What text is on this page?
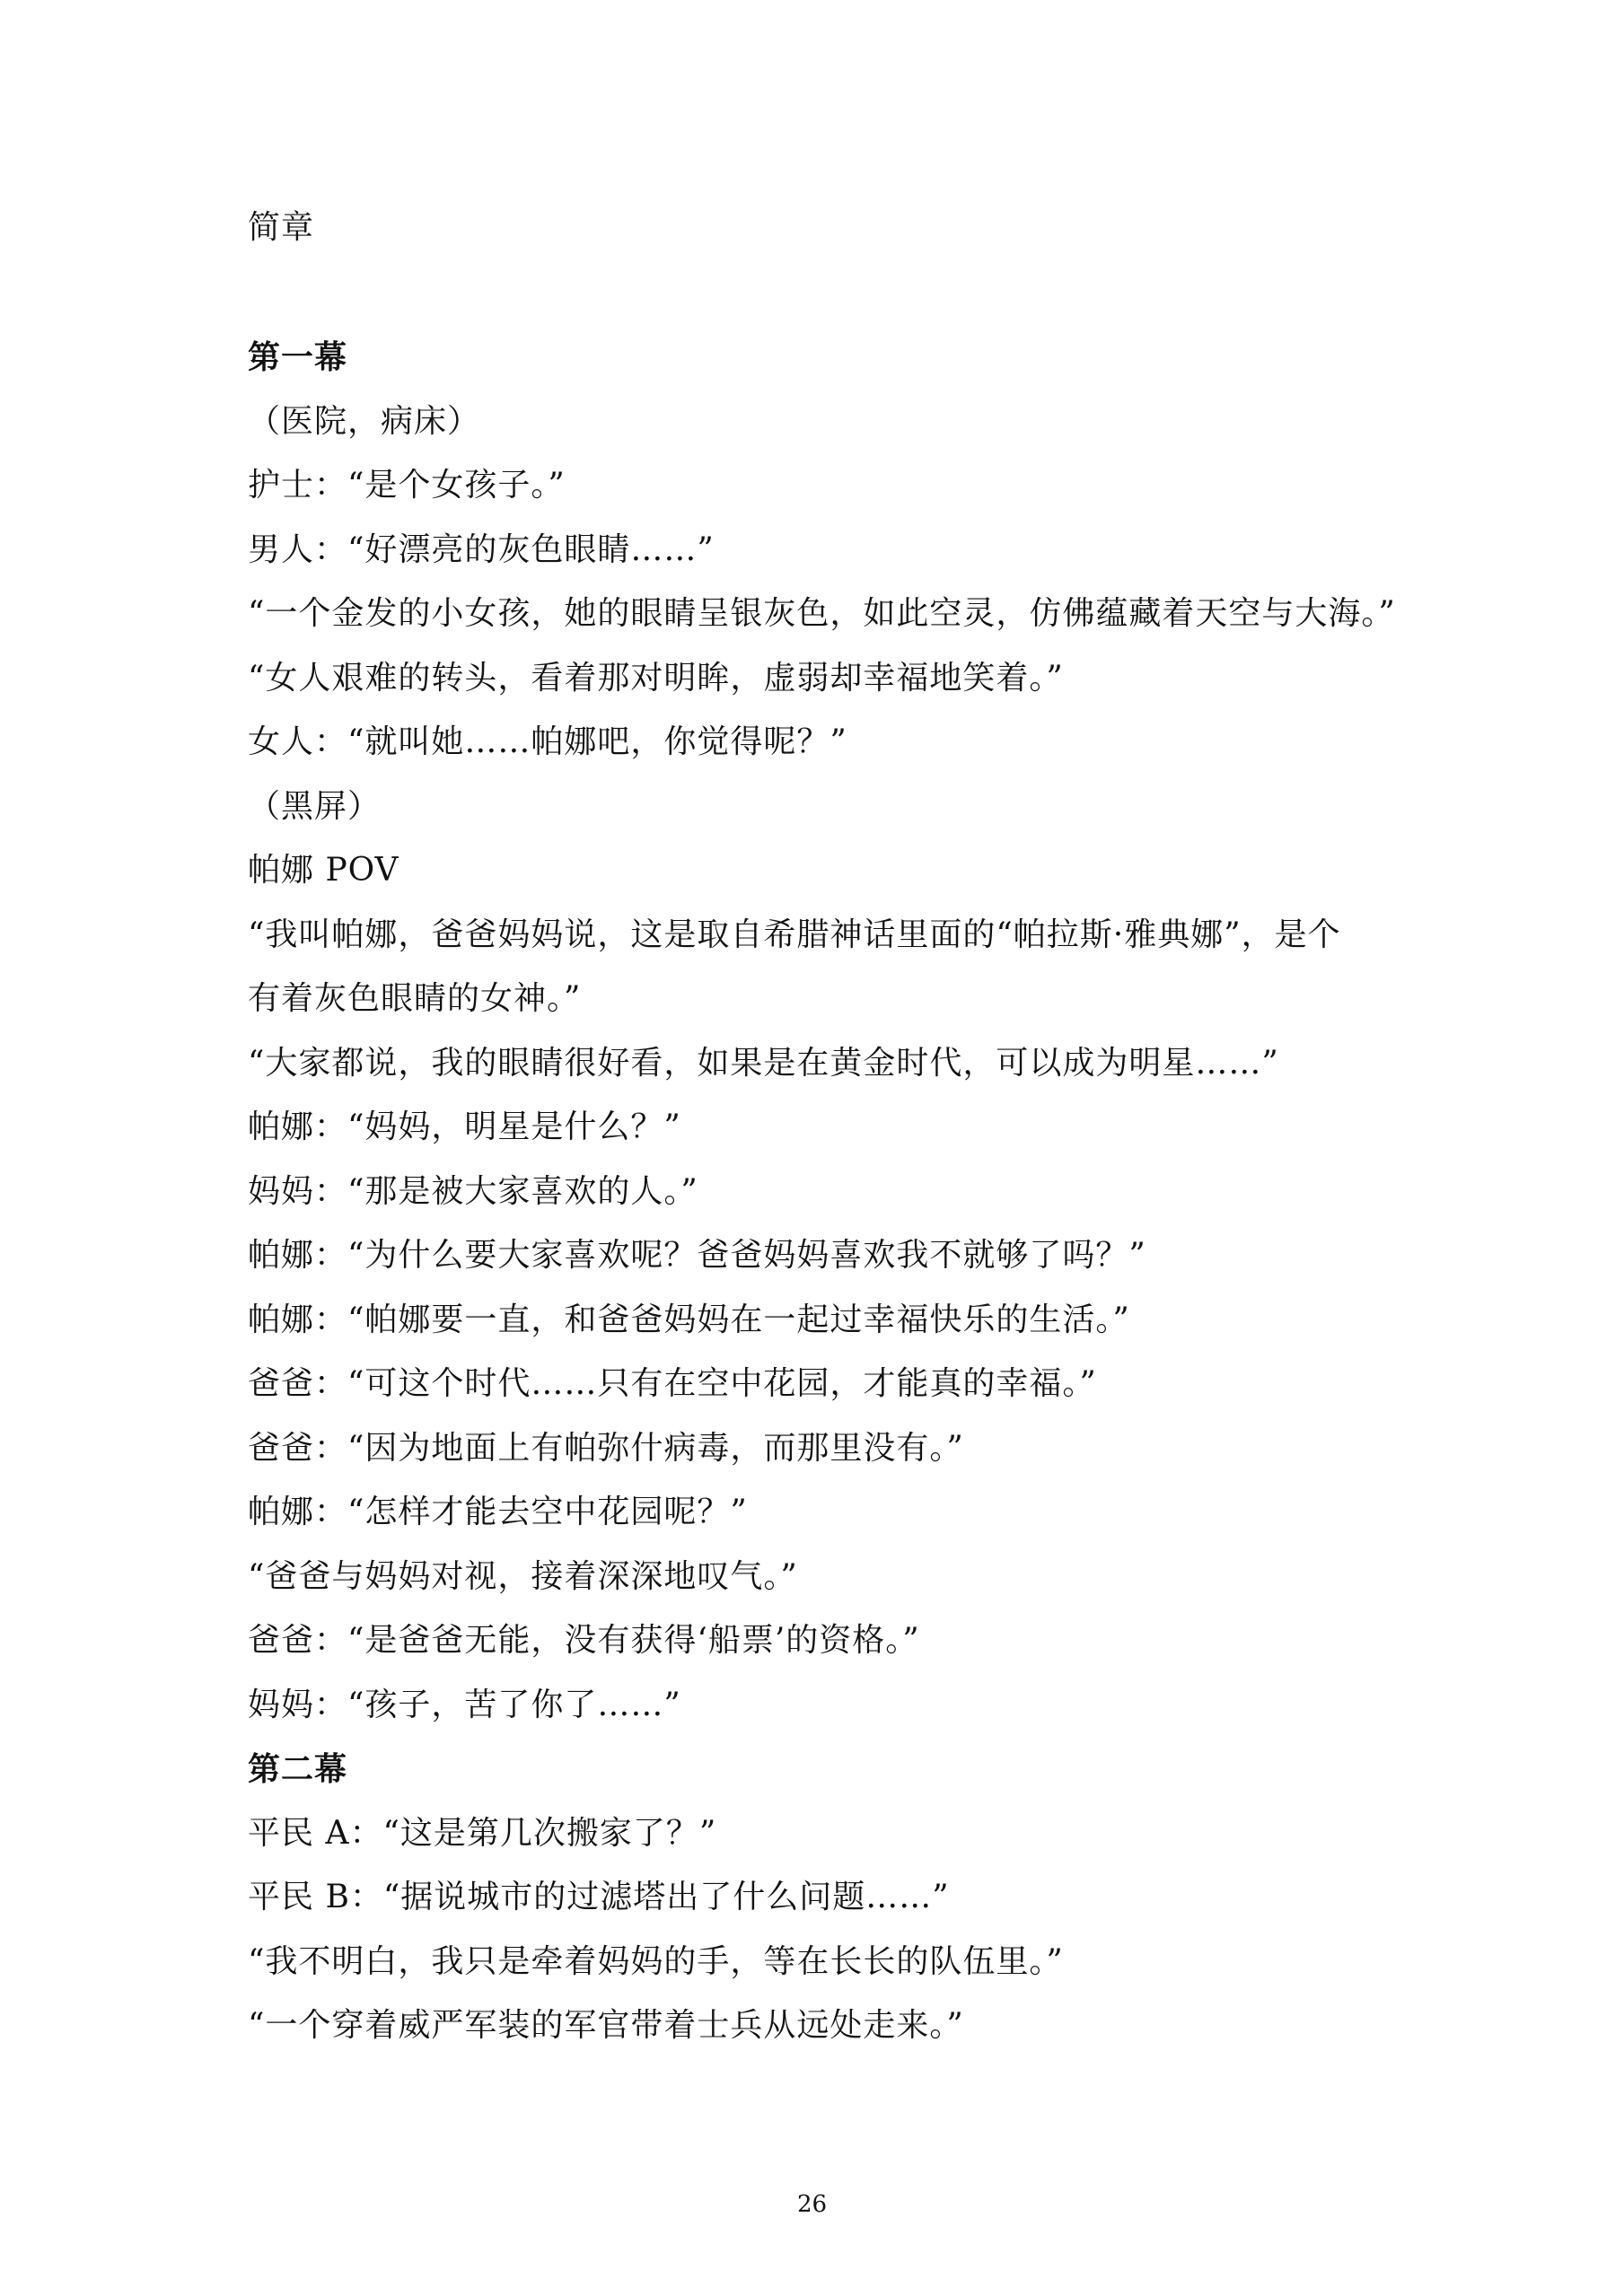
简章

第一幕

（医院，病床）

护士：“是个女孩子。”

男人：“好漂亮的灰色眼睛……”

“一个金发的小女孩，她的眼睛呈银灰色，如此空灵，仿佛蕴藏着天空与大海。”

“女人艰难的转头，看着那对明眸，虚弱却幸福地笑着。”

女人：“就叫她……帕娜吧，你觉得呢？”

（黑屏）

帕娜 POV

“我叫帕娜，爸爸妈妈说，这是取自希腊神话里面的“帕拉斯·雅典娜”，是个

有着灰色眼睛的女神。”

“大家都说，我的眼睛很好看，如果是在黄金时代，可以成为明星……”

帕娜：“妈妈，明星是什么？”

妈妈：“那是被大家喜欢的人。”

帕娜：“为什么要大家喜欢呢？爸爸妈妈喜欢我不就够了吗？”

帕娜：“帕娜要一直，和爸爸妈妈在一起过幸福快乐的生活。”

爸爸：“可这个时代……只有在空中花园，才能真的幸福。”

爸爸：“因为地面上有帕弥什病毒，而那里没有。”

帕娜：“怎样才能去空中花园呢？”

“爸爸与妈妈对视，接着深深地叹气。”

爸爸：“是爸爸无能，没有获得‘船票’的资格。”

妈妈：“孩子，苦了你了……”

第二幕

平民 A：“这是第几次搬家了？”

平民 B：“据说城市的过滤塔出了什么问题……”

“我不明白，我只是牵着妈妈的手，等在长长的队伍里。”

“一个穿着威严军装的军官带着士兵从远处走来。”

26
